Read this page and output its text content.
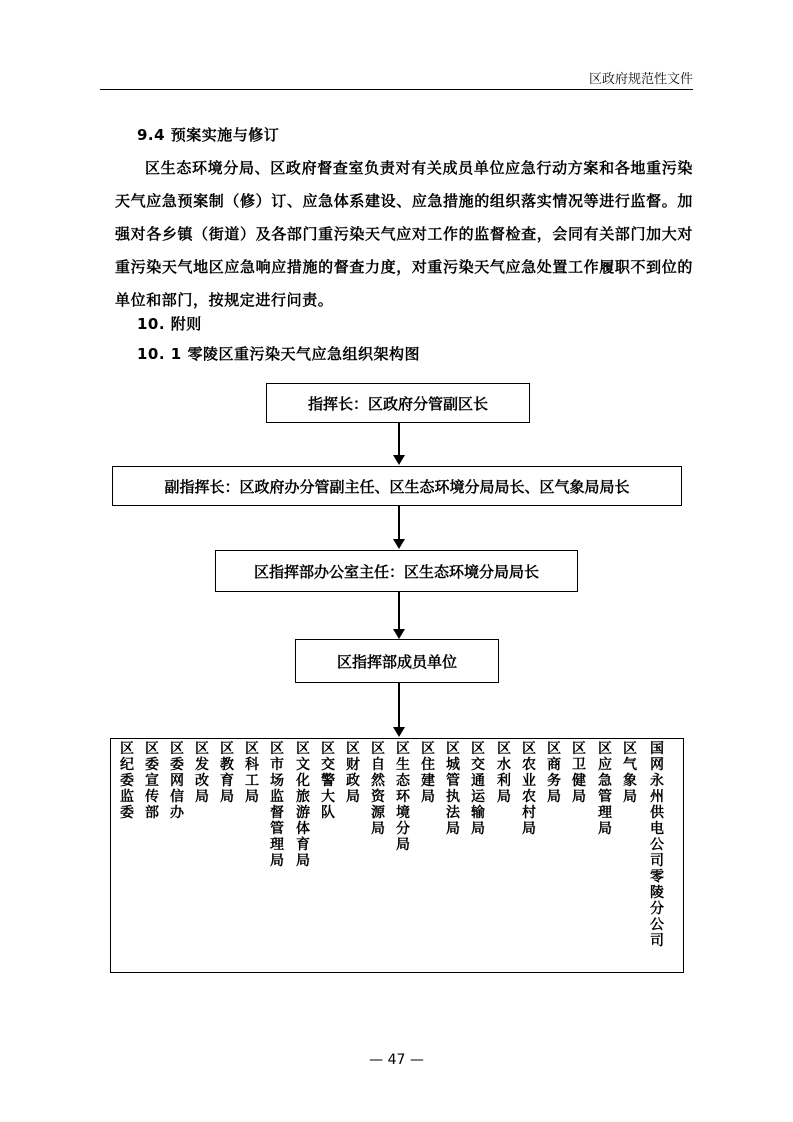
区政府规范性文件
9.4 预案实施与修订

区生态环境分局、区政府督查室负责对有关成员单位应急行动方案和各地重污染天气应急预案制（修）订、应急体系建设、应急措施的组织落实情况等进行监督。加强对各乡镇（街道）及各部门重污染天气应对工作的监督检查，会同有关部门加大对重污染天气地区应急响应措施的督查力度，对重污染天气应急处置工作履职不到位的单位和部门，按规定进行问责。

10. 附则
10. 1 零陵区重污染天气应急组织架构图
指挥长：区政府分管副区长
副指挥长：区政府办分管副主任、区生态环境分局局长、区气象局局长
区指挥部办公室主任：区生态环境分局局长
区指挥部成员单位
区纪委监委
区委宣传部
区委网信办
区发改局
区教育局
区科工局
区市场监督管理局
区文化旅游体育局
区交警大队
区财政局
区自然资源局
区生态环境分局
区住建局
区城管执法局
区交通运输局
区水利局
区农业农村局
区商务局
区卫健局
区应急管理局
区气象局
国网永州供电公司零陵分公司
— 47 —
